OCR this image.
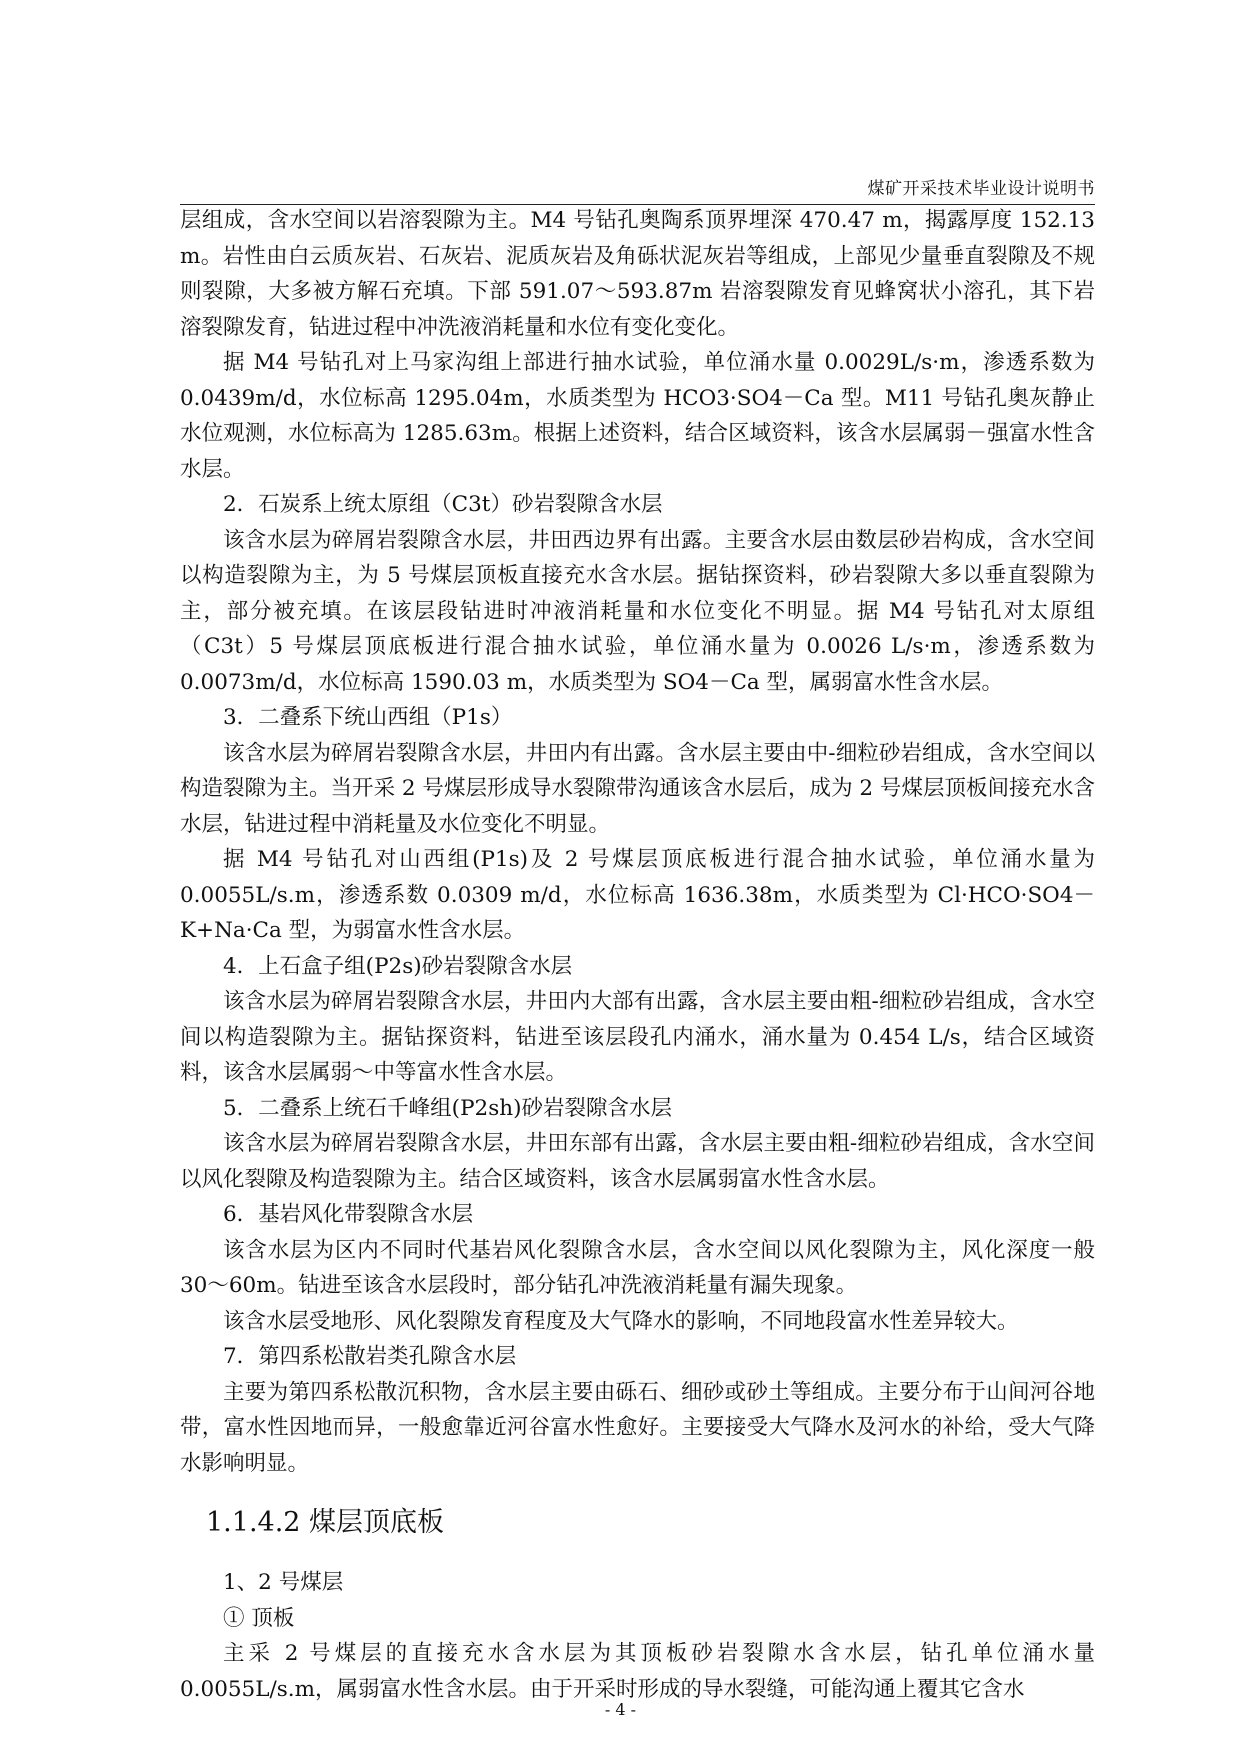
煤矿开采技术毕业设计说明书

层组成，含水空间以岩溶裂隙为主。M4 号钻孔奥陶系顶界埋深 470.47 m，揭露厚度 152.13 m。岩性由白云质灰岩、石灰岩、泥质灰岩及角砾状泥灰岩等组成，上部见少量垂直裂隙及不规则裂隙，大多被方解石充填。下部 591.07～593.87m 岩溶裂隙发育见蜂窝状小溶孔，其下岩溶裂隙发育，钻进过程中冲洗液消耗量和水位有变化变化。

据 M4 号钻孔对上马家沟组上部进行抽水试验，单位涌水量 0.0029L/s·m，渗透系数为 0.0439m/d，水位标高 1295.04m，水质类型为 HCO3·SO4－Ca 型。M11 号钻孔奥灰静止水位观测，水位标高为 1285.63m。根据上述资料，结合区域资料，该含水层属弱－强富水性含水层。

2．石炭系上统太原组（C3t）砂岩裂隙含水层

该含水层为碎屑岩裂隙含水层，井田西边界有出露。主要含水层由数层砂岩构成，含水空间以构造裂隙为主，为 5 号煤层顶板直接充水含水层。据钻探资料，砂岩裂隙大多以垂直裂隙为主，部分被充填。在该层段钻进时冲液消耗量和水位变化不明显。据 M4 号钻孔对太原组（C3t）5 号煤层顶底板进行混合抽水试验，单位涌水量为 0.0026 L/s·m，渗透系数为 0.0073m/d，水位标高 1590.03 m，水质类型为 SO4－Ca 型，属弱富水性含水层。

3．二叠系下统山西组（P1s）

该含水层为碎屑岩裂隙含水层，井田内有出露。含水层主要由中-细粒砂岩组成，含水空间以构造裂隙为主。当开采 2 号煤层形成导水裂隙带沟通该含水层后，成为 2 号煤层顶板间接充水含水层，钻进过程中消耗量及水位变化不明显。

据 M4 号钻孔对山西组(P1s)及 2 号煤层顶底板进行混合抽水试验，单位涌水量为 0.0055L/s.m，渗透系数 0.0309 m/d，水位标高 1636.38m，水质类型为 Cl·HCO·SO4－K+Na·Ca 型，为弱富水性含水层。

4．上石盒子组(P2s)砂岩裂隙含水层

该含水层为碎屑岩裂隙含水层，井田内大部有出露，含水层主要由粗-细粒砂岩组成，含水空间以构造裂隙为主。据钻探资料，钻进至该层段孔内涌水，涌水量为 0.454 L/s，结合区域资料，该含水层属弱～中等富水性含水层。

5．二叠系上统石千峰组(P2sh)砂岩裂隙含水层

该含水层为碎屑岩裂隙含水层，井田东部有出露，含水层主要由粗-细粒砂岩组成，含水空间以风化裂隙及构造裂隙为主。结合区域资料，该含水层属弱富水性含水层。

6．基岩风化带裂隙含水层

该含水层为区内不同时代基岩风化裂隙含水层，含水空间以风化裂隙为主，风化深度一般 30～60m。钻进至该含水层段时，部分钻孔冲洗液消耗量有漏失现象。

该含水层受地形、风化裂隙发育程度及大气降水的影响，不同地段富水性差异较大。

7．第四系松散岩类孔隙含水层

主要为第四系松散沉积物，含水层主要由砾石、细砂或砂土等组成。主要分布于山间河谷地带，富水性因地而异，一般愈靠近河谷富水性愈好。主要接受大气降水及河水的补给，受大气降水影响明显。

1.1.4.2 煤层顶底板

1、2 号煤层

① 顶板

主采 2 号煤层的直接充水含水层为其顶板砂岩裂隙水含水层，钻孔单位涌水量 0.0055L/s.m，属弱富水性含水层。由于开采时形成的导水裂缝，可能沟通上覆其它含水

- 4 -
